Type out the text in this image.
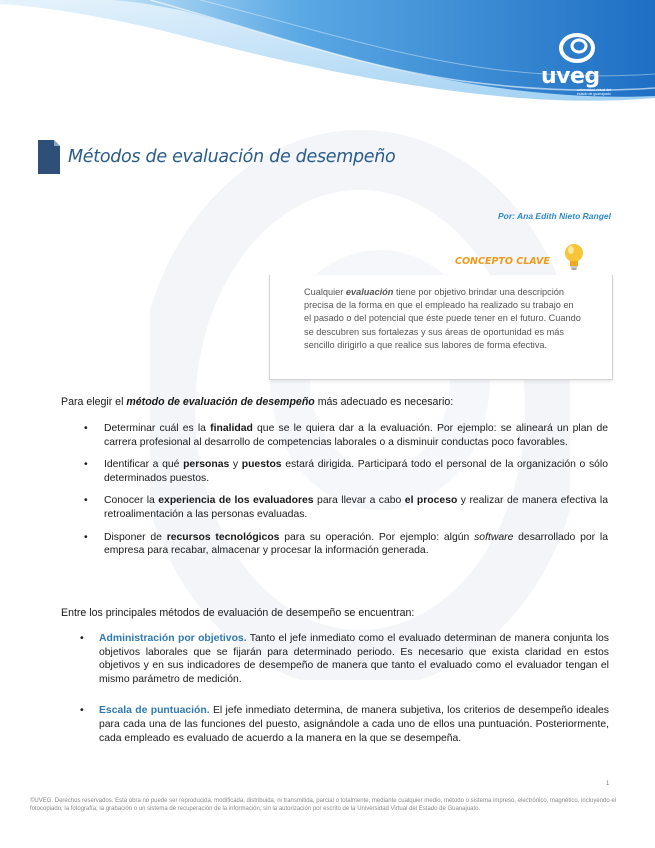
uveg
universidad virtual del estado de guanajuato
Métodos de evaluación de desempeño
Por: Ana Edith Nieto Rangel
CONCEPTO CLAVE

Cualquier evaluación tiene por objetivo brindar una descripción precisa de la forma en que el empleado ha realizado su trabajo en el pasado o del potencial que éste puede tener en el futuro. Cuando se descubren sus fortalezas y sus áreas de oportunidad es más sencillo dirigirlo a que realice sus labores de forma efectiva.

Para elegir el método de evaluación de desempeño más adecuado es necesario:

• Determinar cuál es la finalidad que se le quiera dar a la evaluación. Por ejemplo: se alineará un plan de carrera profesional al desarrollo de competencias laborales o a disminuir conductas poco favorables.
• Identificar a qué personas y puestos estará dirigida. Participará todo el personal de la organización o sólo determinados puestos.
• Conocer la experiencia de los evaluadores para llevar a cabo el proceso y realizar de manera efectiva la retroalimentación a las personas evaluadas.
• Disponer de recursos tecnológicos para su operación. Por ejemplo: algún software desarrollado por la empresa para recabar, almacenar y procesar la información generada.

Entre los principales métodos de evaluación de desempeño se encuentran:

• Administración por objetivos. Tanto el jefe inmediato como el evaluado determinan de manera conjunta los objetivos laborales que se fijarán para determinado periodo. Es necesario que exista claridad en estos objetivos y en sus indicadores de desempeño de manera que tanto el evaluado como el evaluador tengan el mismo parámetro de medición.
• Escala de puntuación. El jefe inmediato determina, de manera subjetiva, los criterios de desempeño ideales para cada una de las funciones del puesto, asignándole a cada uno de ellos una puntuación. Posteriormente, cada empleado es evaluado de acuerdo a la manera en la que se desempeña.
1
©UVEG. Derechos reservados. Esta obra no puede ser reproducida, modificada, distribuida, ni transmitida, parcial o totalmente, mediante cualquier medio, método o sistema impreso, electrónico, magnético, incluyendo el fotocopiado, la fotografía, la grabación o un sistema de recuperación de la información, sin la autorización por escrito de la Universidad Virtual del Estado de Guanajuato.
